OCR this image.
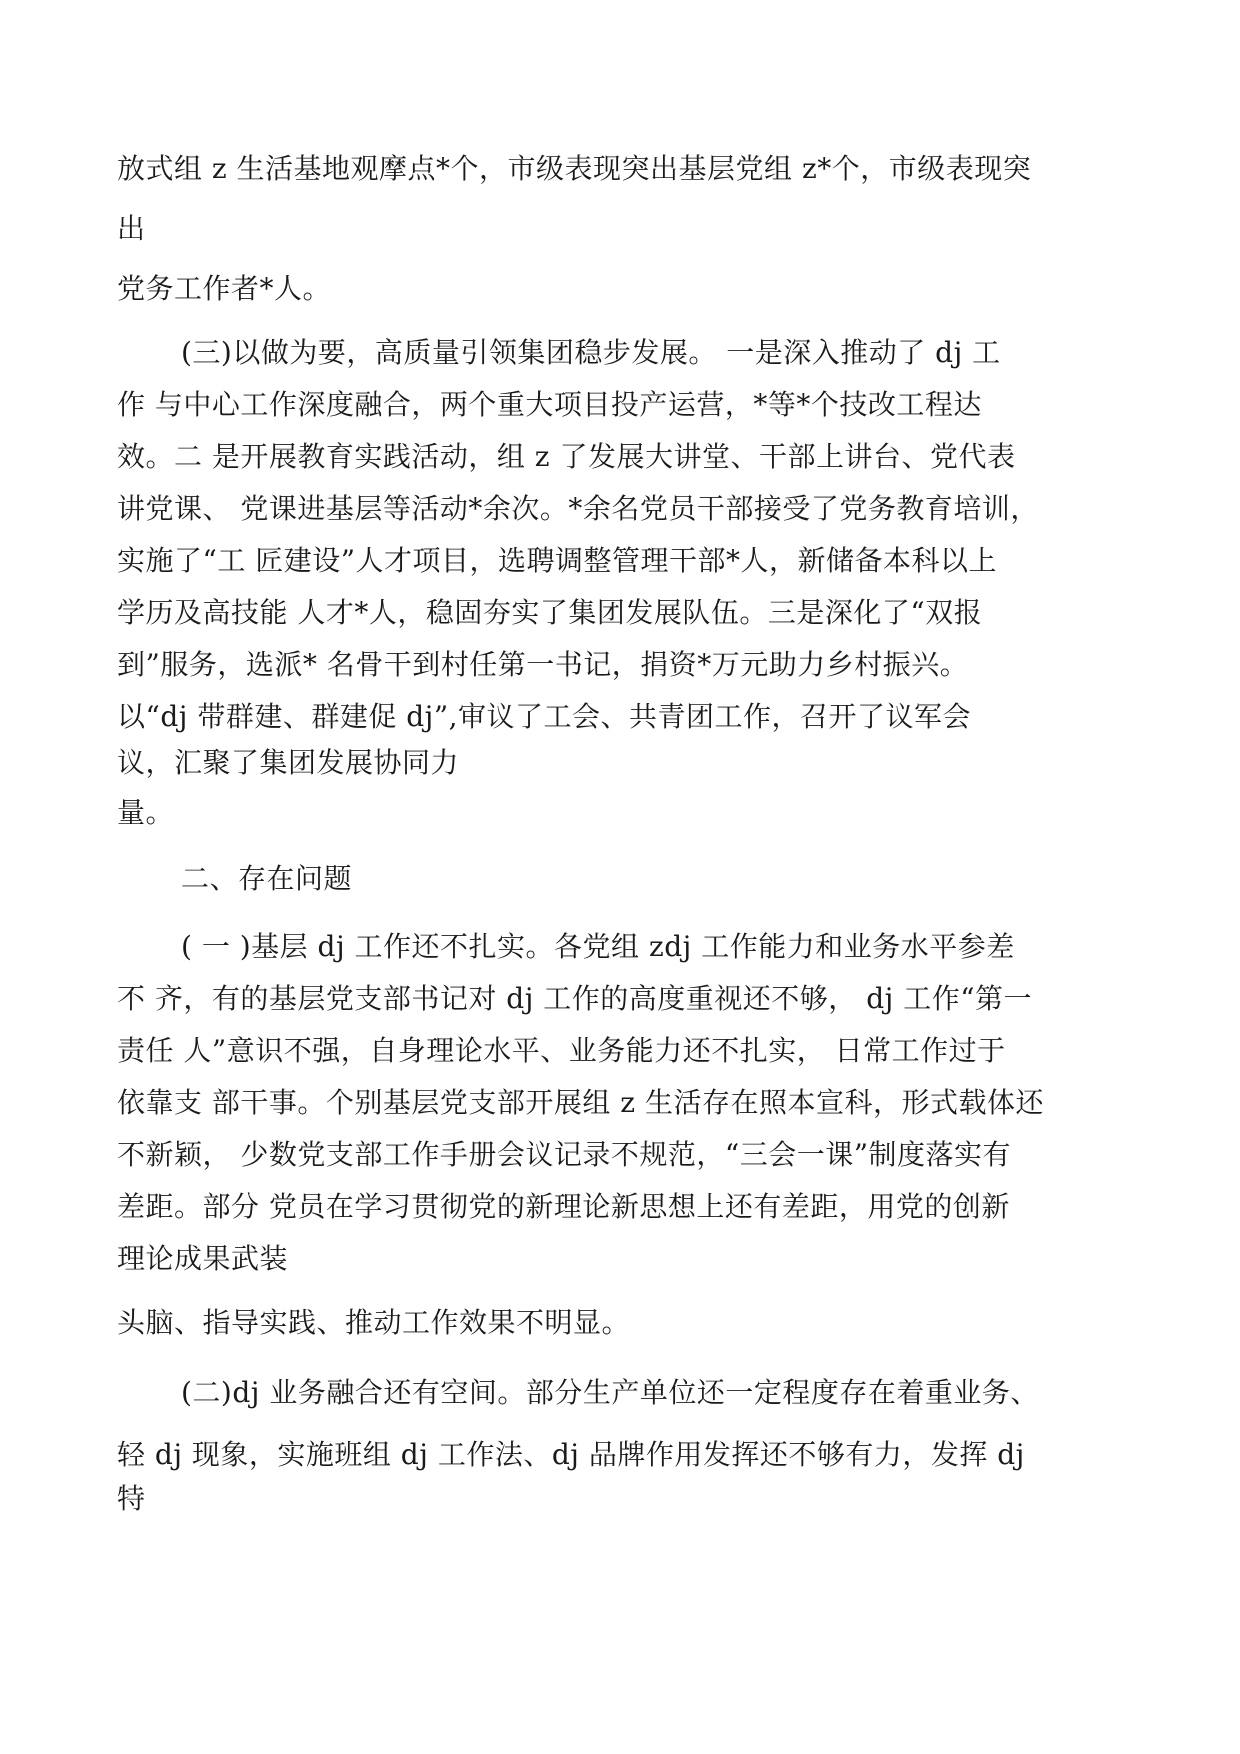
放式组 z 生活基地观摩点*个，市级表现突出基层党组 z*个，市级表现突

出

党务工作者*人。

(三)以做为要，高质量引领集团稳步发展。 一是深入推动了 dj 工

作 与中心工作深度融合，两个重大项目投产运营，*等*个技改工程达

效。二 是开展教育实践活动，组 z 了发展大讲堂、干部上讲台、党代表

讲党课、 党课进基层等活动*余次。*余名党员干部接受了党务教育培训，

实施了“工 匠建设”人才项目，选聘调整管理干部*人，新储备本科以上

学历及高技能 人才*人，稳固夯实了集团发展队伍。三是深化了“双报

到”服务，选派* 名骨干到村任第一书记，捐资*万元助力乡村振兴。

以“dj 带群建、群建促 dj”,审议了工会、共青团工作，召开了议军会

议，汇聚了集团发展协同力

量。

二、存在问题

( 一 )基层 dj 工作还不扎实。各党组 zdj 工作能力和业务水平参差

不 齐，有的基层党支部书记对 dj 工作的高度重视还不够， dj 工作“第一

责任 人”意识不强，自身理论水平、业务能力还不扎实， 日常工作过于

依靠支 部干事。个别基层党支部开展组 z 生活存在照本宣科，形式载体还

不新颖， 少数党支部工作手册会议记录不规范，“三会一课”制度落实有

差距。部分 党员在学习贯彻党的新理论新思想上还有差距，用党的创新

理论成果武装

头脑、指导实践、推动工作效果不明显。

(二)dj 业务融合还有空间。部分生产单位还一定程度存在着重业务、

轻 dj 现象，实施班组 dj 工作法、dj 品牌作用发挥还不够有力，发挥 dj

特
